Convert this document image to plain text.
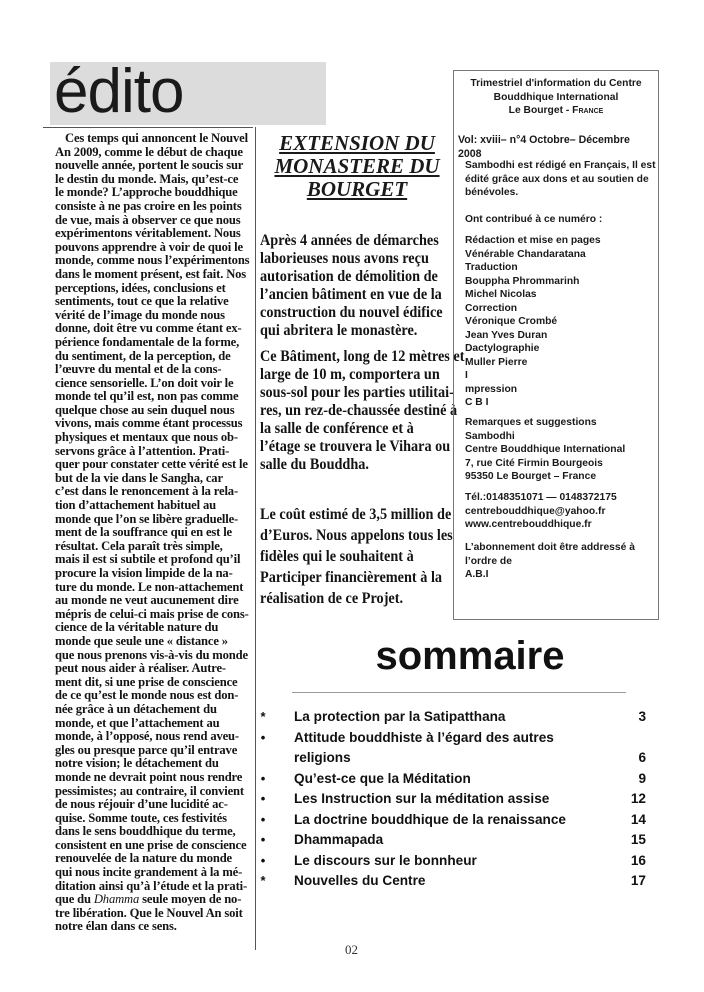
édito
Ces temps qui annoncent le Nouvel
An 2009, comme le début de chaque
nouvelle année, portent le soucis sur
le destin du monde. Mais, qu’est-ce
le monde? L’approche bouddhique
consiste à ne pas croire en les points
de vue, mais à observer ce que nous
expérimentons véritablement. Nous
pouvons apprendre à voir de quoi le
monde, comme nous l’expérimentons
dans le moment présent, est fait. Nos
perceptions, idées, conclusions et
sentiments, tout ce que la relative
vérité de l’image du monde nous
donne, doit être vu comme étant ex-
périence fondamentale de la forme,
du sentiment, de la perception, de
l’œuvre du mental et de la cons-
cience sensorielle. L’on doit voir le
monde tel qu’il est, non pas comme
quelque chose au sein duquel nous
vivons, mais comme étant processus
physiques et mentaux que nous ob-
servons grâce à l’attention. Prati-
quer pour constater cette vérité est le
but de la vie dans le Sangha, car
c’est dans le renoncement à la rela-
tion d’attachement habituel au
monde que l’on se libère graduelle-
ment de la souffrance qui en est le
résultat. Cela paraît très simple,
mais il est si subtile et profond qu’il
procure la vision limpide de la na-
ture du monde. Le non-attachement
au monde ne veut aucunement dire
mépris de celui-ci mais prise de cons-
cience de la véritable nature du
monde que seule une « distance »
que nous prenons vis-à-vis du monde
peut nous aider à réaliser. Autre-
ment dit, si une prise de conscience
de ce qu’est le monde nous est don-
née grâce à un détachement du
monde, et que l’attachement au
monde, à l’opposé, nous rend aveu-
gles ou presque parce qu’il entrave
notre vision; le détachement du
monde ne devrait point nous rendre
pessimistes; au contraire, il convient
de nous réjouir d’une lucidité ac-
quise. Somme toute, ces festivités
dans le sens bouddhique du terme,
consistent en une prise de conscience
renouvelée de la nature du monde
qui nous incite grandement à la mé-
ditation ainsi qu’à l’étude et la prati-
que du Dhamma seule moyen de no-
tre libération. Que le Nouvel An soit
notre élan dans ce sens.
EXTENSION DU
MONASTERE DU
BOURGET
Après 4 années de démarches
laborieuses nous avons reçu
autorisation de démolition de
l’ancien bâtiment en vue de la
construction du nouvel édifice
qui abritera le monastère.
Ce Bâtiment, long de 12 mètres et
large de 10 m, comportera un
sous-sol pour les parties utilitai-
res, un rez-de-chaussée destiné à
la salle de conférence et à
l’étage se trouvera le Vihara ou
salle du Bouddha.
Le coût estimé de 3,5 million de
d’Euros. Nous appelons tous les
fidèles qui le souhaitent à
Participer financièrement à la
réalisation de ce Projet.
Trimestriel d'information du Centre
Bouddhique International
Le Bourget - France
Vol: xviii– n°4 Octobre– Décembre 2008
Sambodhi est rédigé en Français, Il est
édité grâce aux dons et au soutien de
bénévoles.
Ont contribué à ce numéro :
Rédaction et mise en pages
Vénérable Chandaratana
Traduction
Bouppha Phrommarinh
Michel Nicolas
Correction
Véronique Crombé
Jean Yves Duran
Dactylographie
Muller Pierre
I
mpression
C B I
Remarques et suggestions
Sambodhi
Centre Bouddhique International
7, rue Cité Firmin Bourgeois
95350 Le Bourget – France
Tél.:0148351071 — 0148372175
centrebouddhique@yahoo.fr
www.centrebouddhique.fr
L’abonnement doit être addressé à
l’ordre de
A.B.I
sommaire
*	La protection par la Satipatthana	3
•	Attitude bouddhiste à l’égard des autres religions	6
•	Qu’est-ce que la Méditation	9
•	Les Instruction sur la méditation assise	12
•	La doctrine bouddhique de la renaissance	14
•	Dhammapada	15
•	Le discours sur le bonnheur	16
*	Nouvelles du Centre	17
02
